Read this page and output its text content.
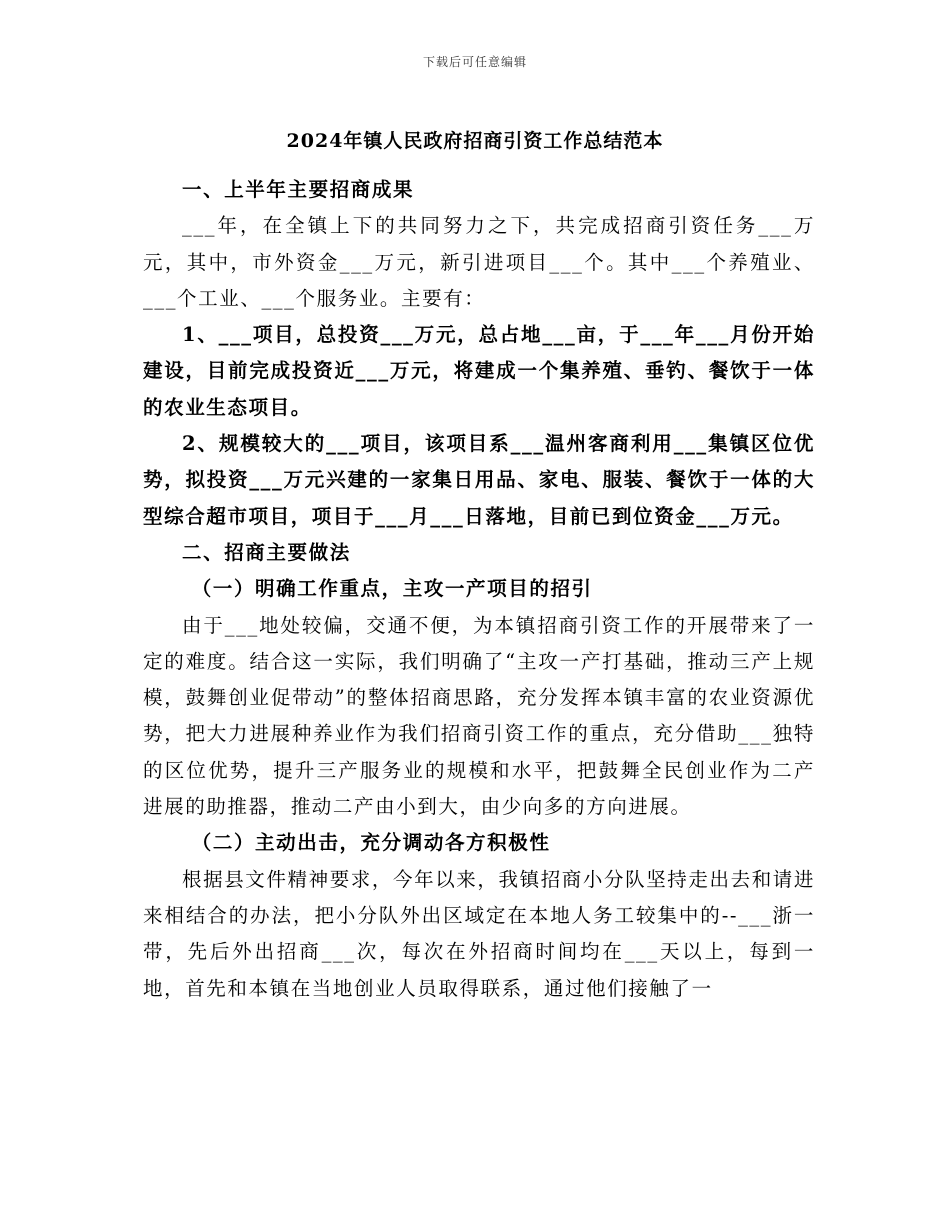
下载后可任意编辑
2024年镇人民政府招商引资工作总结范本

一、上半年主要招商成果

___年，在全镇上下的共同努力之下，共完成招商引资任务___万元，其中，市外资金___万元，新引进项目___个。其中___个养殖业、___个工业、___个服务业。主要有：

1、___项目，总投资___万元，总占地___亩，于___年___月份开始建设，目前完成投资近___万元，将建成一个集养殖、垂钓、餐饮于一体的农业生态项目。

2、规模较大的___项目，该项目系___温州客商利用___集镇区位优势，拟投资___万元兴建的一家集日用品、家电、服装、餐饮于一体的大型综合超市项目，项目于___月___日落地，目前已到位资金___万元。

二、招商主要做法

（一）明确工作重点，主攻一产项目的招引

由于___地处较偏，交通不便，为本镇招商引资工作的开展带来了一定的难度。结合这一实际，我们明确了“主攻一产打基础，推动三产上规模，鼓舞创业促带动”的整体招商思路，充分发挥本镇丰富的农业资源优势，把大力进展种养业作为我们招商引资工作的重点，充分借助___独特的区位优势，提升三产服务业的规模和水平，把鼓舞全民创业作为二产进展的助推器，推动二产由小到大，由少向多的方向进展。

（二）主动出击，充分调动各方积极性

根据县文件精神要求，今年以来，我镇招商小分队坚持走出去和请进来相结合的办法，把小分队外出区域定在本地人务工较集中的--___浙一带，先后外出招商___次，每次在外招商时间均在___天以上，每到一地，首先和本镇在当地创业人员取得联系，通过他们接触了一
